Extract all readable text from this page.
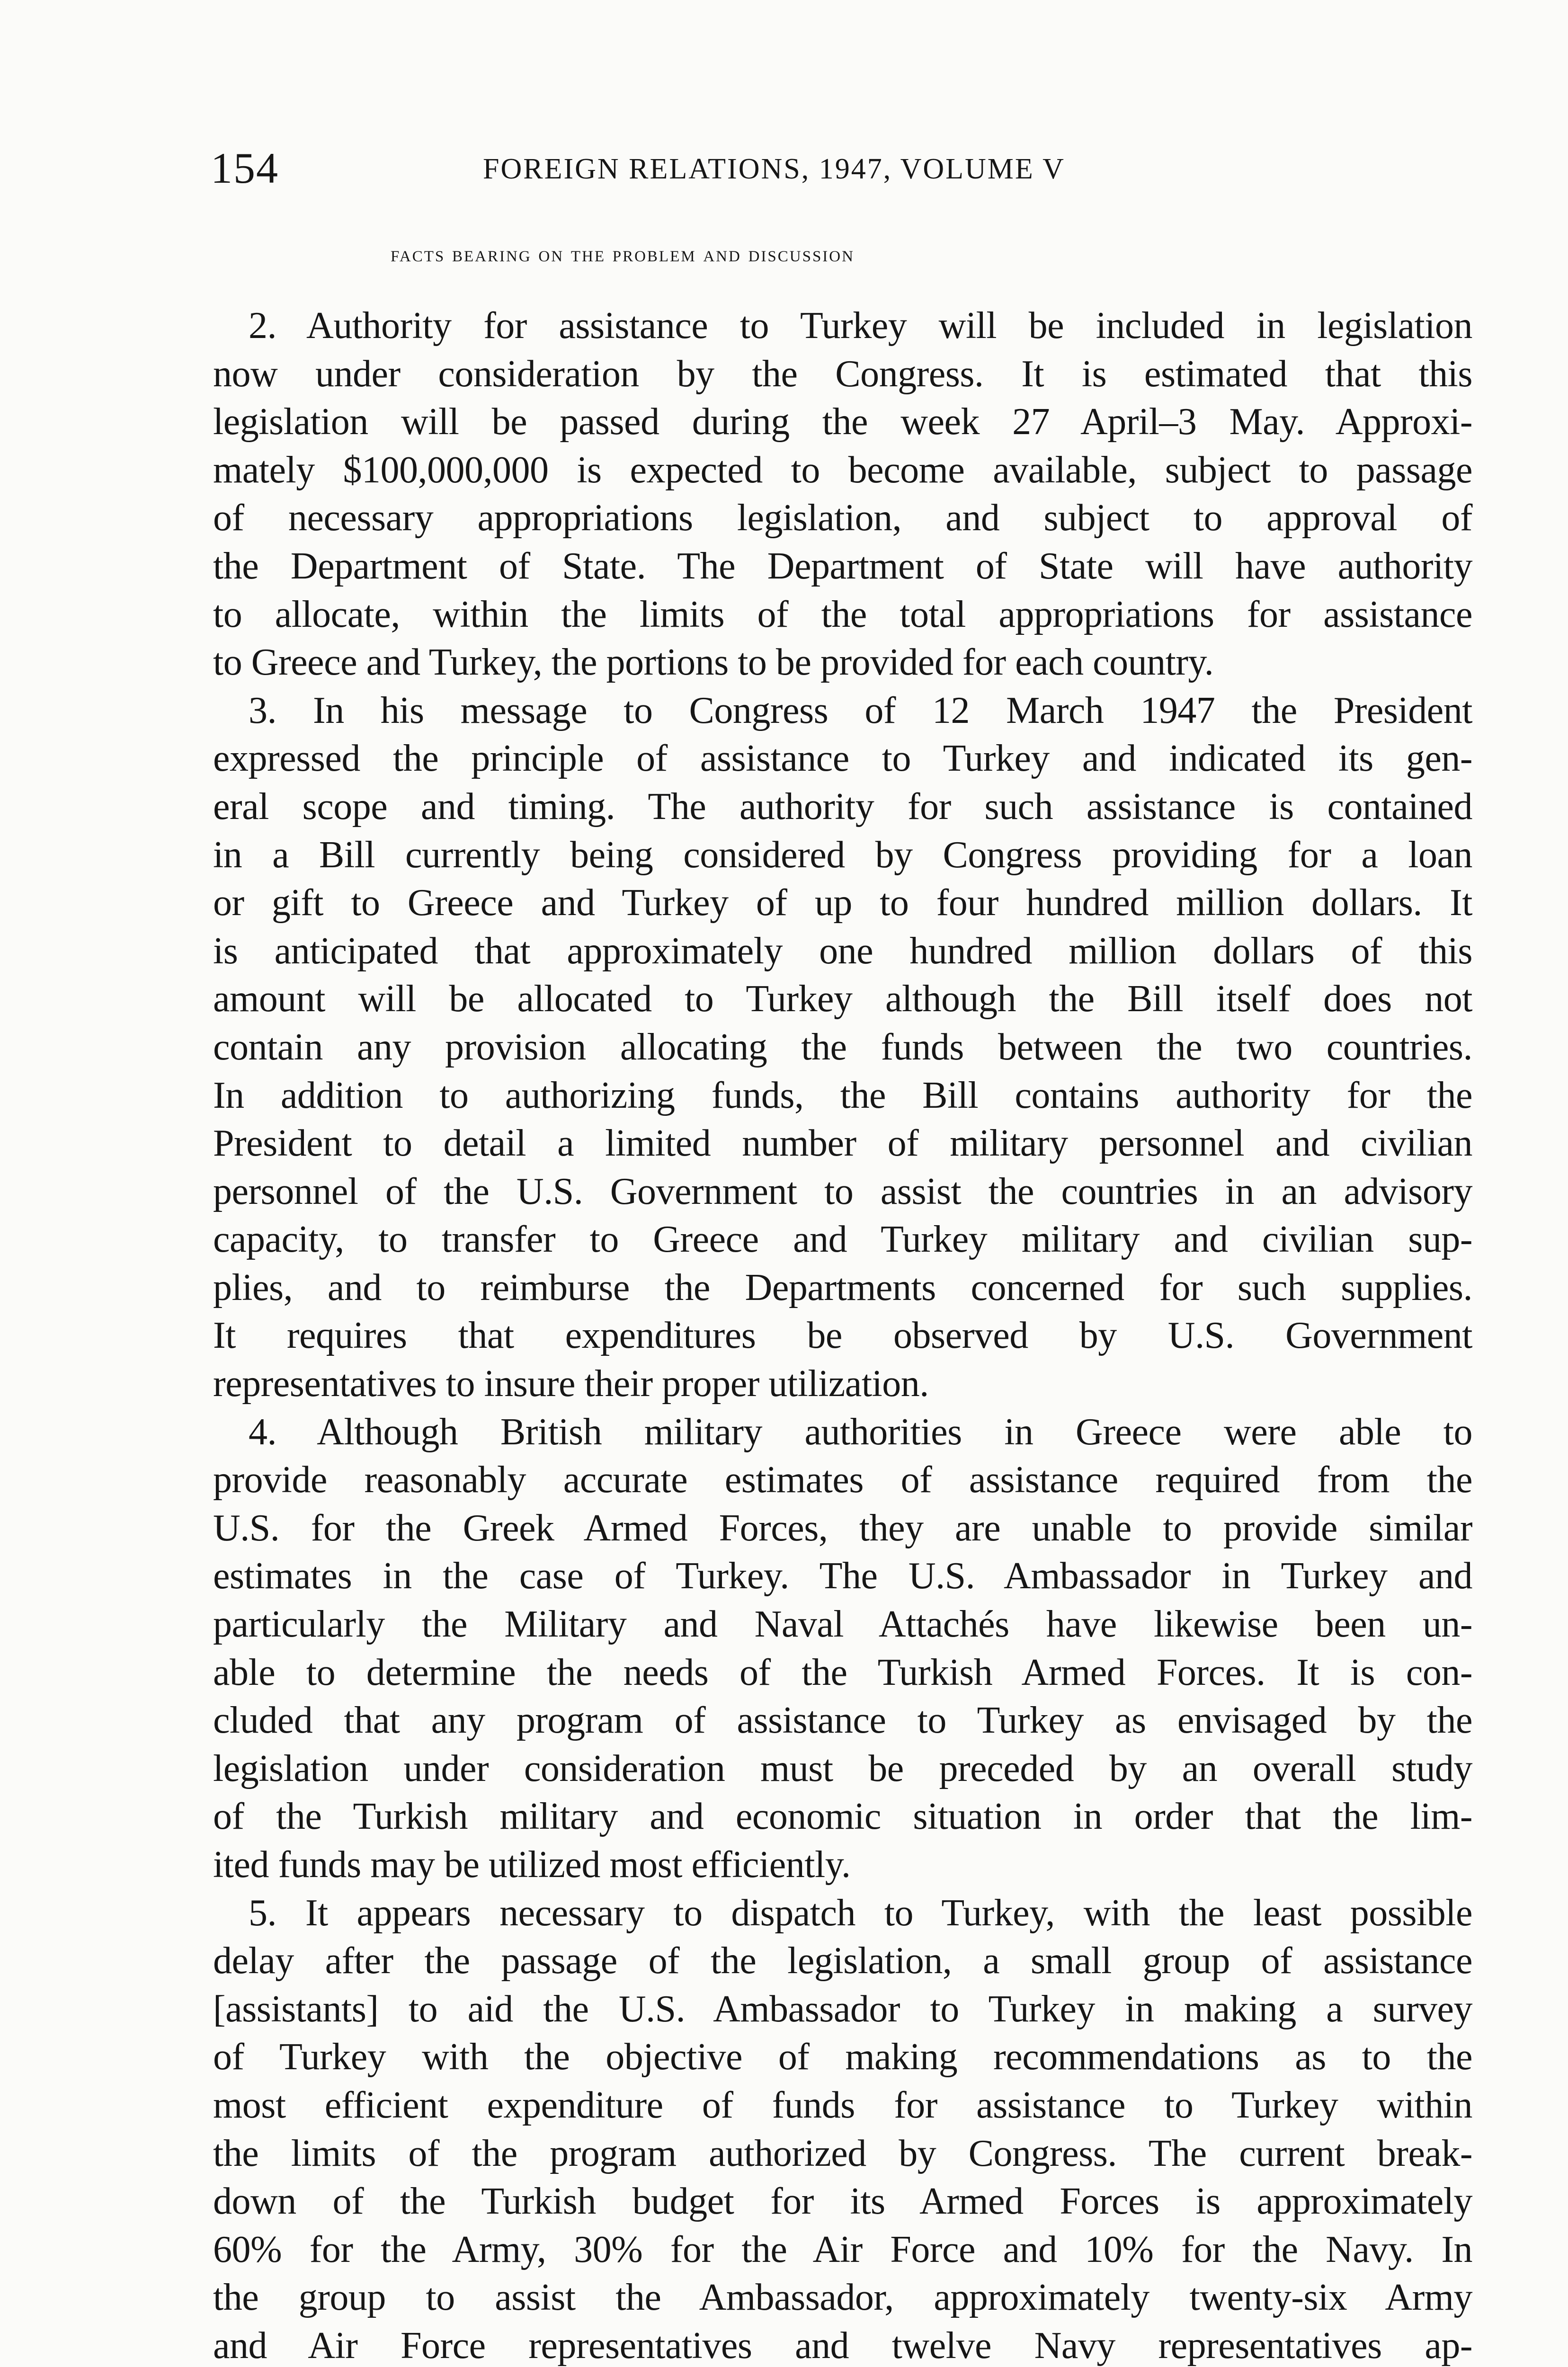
154	FOREIGN RELATIONS, 1947, VOLUME V
facts bearing on the problem and discussion
2. Authority for assistance to Turkey will be included in legislation
now under consideration by the Congress. It is estimated that this
legislation will be passed during the week 27 April–3 May. Approxi-
mately $100,000,000 is expected to become available, subject to passage
of necessary appropriations legislation, and subject to approval of
the Department of State. The Department of State will have authority
to allocate, within the limits of the total appropriations for assistance
to Greece and Turkey, the portions to be provided for each country.
3. In his message to Congress of 12 March 1947 the President
expressed the principle of assistance to Turkey and indicated its gen-
eral scope and timing. The authority for such assistance is contained
in a Bill currently being considered by Congress providing for a loan
or gift to Greece and Turkey of up to four hundred million dollars. It
is anticipated that approximately one hundred million dollars of this
amount will be allocated to Turkey although the Bill itself does not
contain any provision allocating the funds between the two countries.
In addition to authorizing funds, the Bill contains authority for the
President to detail a limited number of military personnel and civilian
personnel of the U.S. Government to assist the countries in an advisory
capacity, to transfer to Greece and Turkey military and civilian sup-
plies, and to reimburse the Departments concerned for such supplies.
It requires that expenditures be observed by U.S. Government
representatives to insure their proper utilization.
4. Although British military authorities in Greece were able to
provide reasonably accurate estimates of assistance required from the
U.S. for the Greek Armed Forces, they are unable to provide similar
estimates in the case of Turkey. The U.S. Ambassador in Turkey and
particularly the Military and Naval Attachés have likewise been un-
able to determine the needs of the Turkish Armed Forces. It is con-
cluded that any program of assistance to Turkey as envisaged by the
legislation under consideration must be preceded by an overall study
of the Turkish military and economic situation in order that the lim-
ited funds may be utilized most efficiently.
5. It appears necessary to dispatch to Turkey, with the least possible
delay after the passage of the legislation, a small group of assistance
[assistants] to aid the U.S. Ambassador to Turkey in making a survey
of Turkey with the objective of making recommendations as to the
most efficient expenditure of funds for assistance to Turkey within
the limits of the program authorized by Congress. The current break-
down of the Turkish budget for its Armed Forces is approximately
60% for the Army, 30% for the Air Force and 10% for the Navy. In
the group to assist the Ambassador, approximately twenty-six Army
and Air Force representatives and twelve Navy representatives ap-
